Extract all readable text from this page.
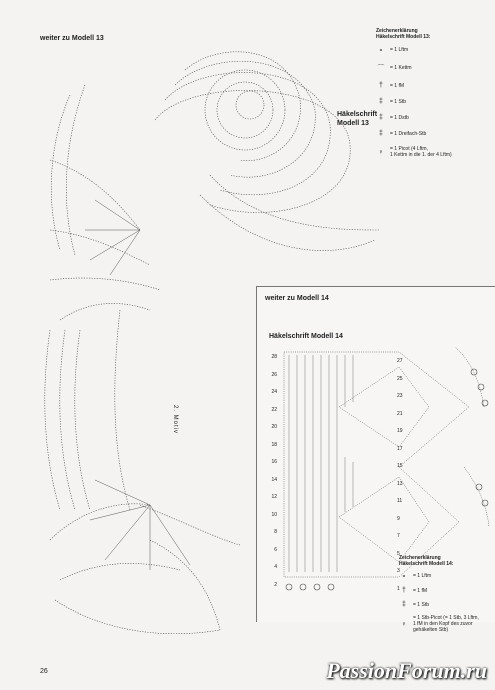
weiter zu Modell 13
Zeichenerklärung
Häkelschrift Modell 13:
∘	= 1 Lftm
⌒	= 1 Kettm
†	= 1 fM
‡	= 1 Stb
‡	= 1 Dstb
‡	= 1 Dreifach-Stb
♀	= 1 Picot (4 Lftm,
1 Kettm in die 1. der 4 Lftm)
Häkelschrift
Modell 13
2. Motiv
weiter zu Modell 14
Häkelschrift Modell 14
28
26
24
22
20
18
16
14
12
10
8
6
4
2
27
25
23
21
19
17
15
13
11
9
7
5
3
1
Zeichenerklärung
Häkelschrift Modell 14:
∘	= 1 Lftm
†	= 1 fM
‡	= 1 Stb
♀
= 1 Stb-Picot (= 1 Stb, 3 Lftm,
1 fM in den Kopf des zuvor
gehäkelten Stb)
26	PassionForum.ru
